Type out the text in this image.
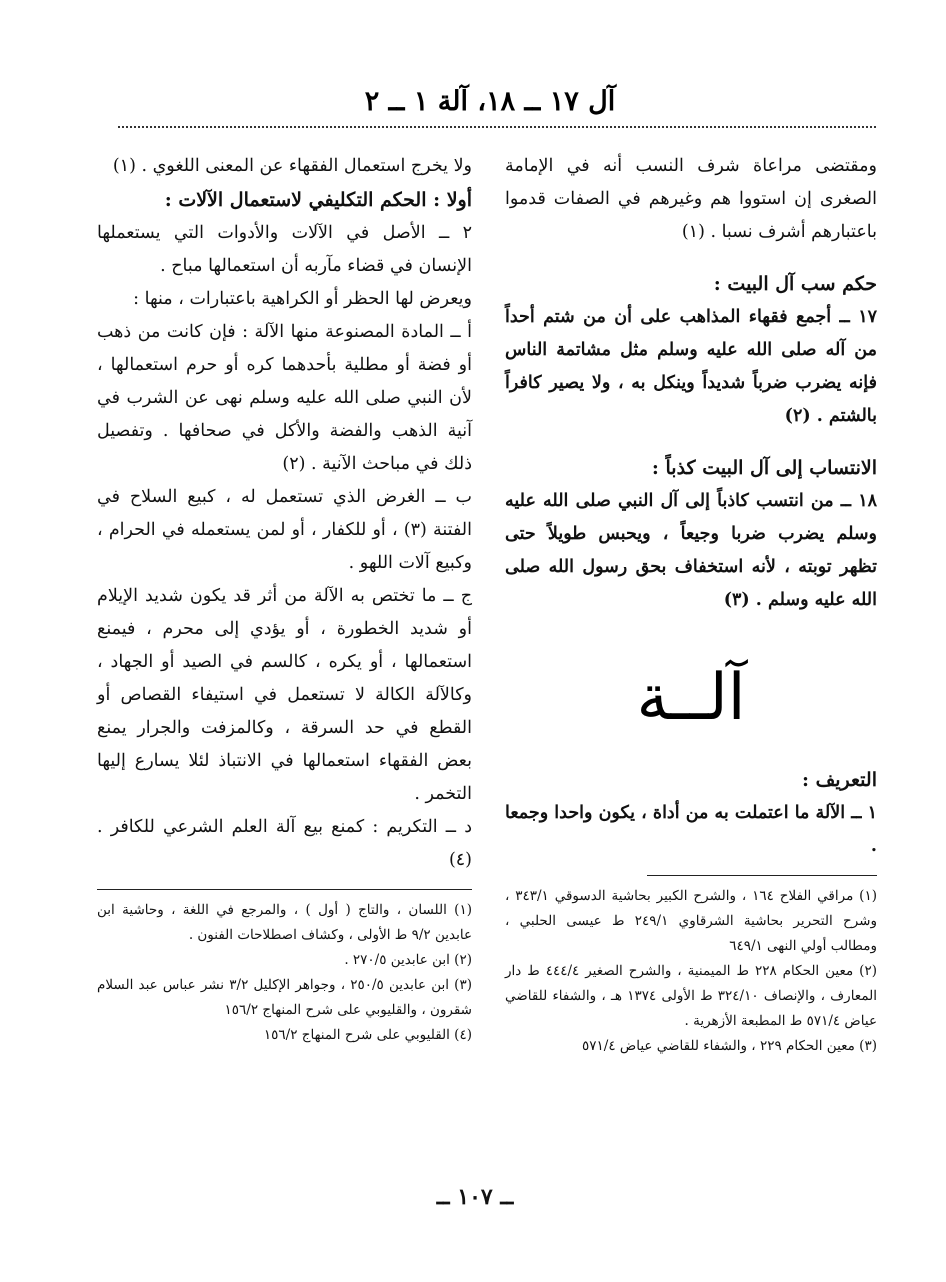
آل ١٧ ــ ١٨، آلة ١ ــ ٢

ومقتضى مراعاة شرف النسب أنه في الإمامة الصغرى إن استووا هم وغيرهم في الصفات قدموا باعتبارهم أشرف نسبا . (١)

حكم سب آل البيت :

١٧ ــ أجمع فقهاء المذاهب على أن من شتم أحداً من آله صلى الله عليه وسلم مثل مشاتمة الناس فإنه يضرب ضرباً شديداً وينكل به ، ولا يصير كافراً بالشتم . (٢)

الانتساب إلى آل البيت كذباً :

١٨ ــ من انتسب كاذباً إلى آل النبي صلى الله عليه وسلم يضرب ضربا وجيعاً ، ويحبس طويلاً حتى تظهر توبته ، لأنه استخفاف بحق رسول الله صلى الله عليه وسلم . (٣)

آلــة
التعريف :

١ ــ الآلة ما اعتملت به من أداة ، يكون واحدا وجمعا .

(١) مراقي الفلاح ١٦٤ ، والشرح الكبير بحاشية الدسوقي ٣٤٣/١ ، وشرح التحرير بحاشية الشرقاوي ٢٤٩/١ ط عيسى الحلبي ، ومطالب أولي النهى ٦٤٩/١

(٢) معين الحكام ٢٢٨ ط الميمنية ، والشرح الصغير ٤٤٤/٤ ط دار المعارف ، والإنصاف ٣٢٤/١٠ ط الأولى ١٣٧٤ هـ ، والشفاء للقاضي عياض ٥٧١/٤ ط المطبعة الأزهرية .

(٣) معين الحكام ٢٢٩ ، والشفاء للقاضي عياض ٥٧١/٤

ولا يخرج استعمال الفقهاء عن المعنى اللغوي . (١)

أولا : الحكم التكليفي لاستعمال الآلات :

٢ ــ الأصل في الآلات والأدوات التي يستعملها الإنسان في قضاء مآربه أن استعمالها مباح .

ويعرض لها الحظر أو الكراهية باعتبارات ، منها :

أ ــ المادة المصنوعة منها الآلة : فإن كانت من ذهب أو فضة أو مطلية بأحدهما كره أو حرم استعمالها ، لأن النبي صلى الله عليه وسلم نهى عن الشرب في آنية الذهب والفضة والأكل في صحافها . وتفصيل ذلك في مباحث الآنية . (٢)

ب ــ الغرض الذي تستعمل له ، كبيع السلاح في الفتنة (٣) ، أو للكفار ، أو لمن يستعمله في الحرام ، وكبيع آلات اللهو .

ج ــ ما تختص به الآلة من أثر قد يكون شديد الإيلام أو شديد الخطورة ، أو يؤدي إلى محرم ، فيمنع استعمالها ، أو يكره ، كالسم في الصيد أو الجهاد ، وكالآلة الكالة لا تستعمل في استيفاء القصاص أو القطع في حد السرقة ، وكالمزفت والجرار يمنع بعض الفقهاء استعمالها في الانتباذ لئلا يسارع إليها التخمر .

د ــ التكريم : كمنع بيع آلة العلم الشرعي للكافر . (٤)

(١) اللسان ، والتاج ( أول ) ، والمرجع في اللغة ، وحاشية ابن عابدين ٩/٢ ط الأولى ، وكشاف اصطلاحات الفنون .

(٢) ابن عابدين ٢٧٠/٥ .

(٣) ابن عابدين ٢٥٠/٥ ، وجواهر الإكليل ٣/٢ نشر عباس عبد السلام شقرون ، والقليوبي على شرح المنهاج ١٥٦/٢

(٤) القليوبي على شرح المنهاج ١٥٦/٢

ــ ١٠٧ ــ
